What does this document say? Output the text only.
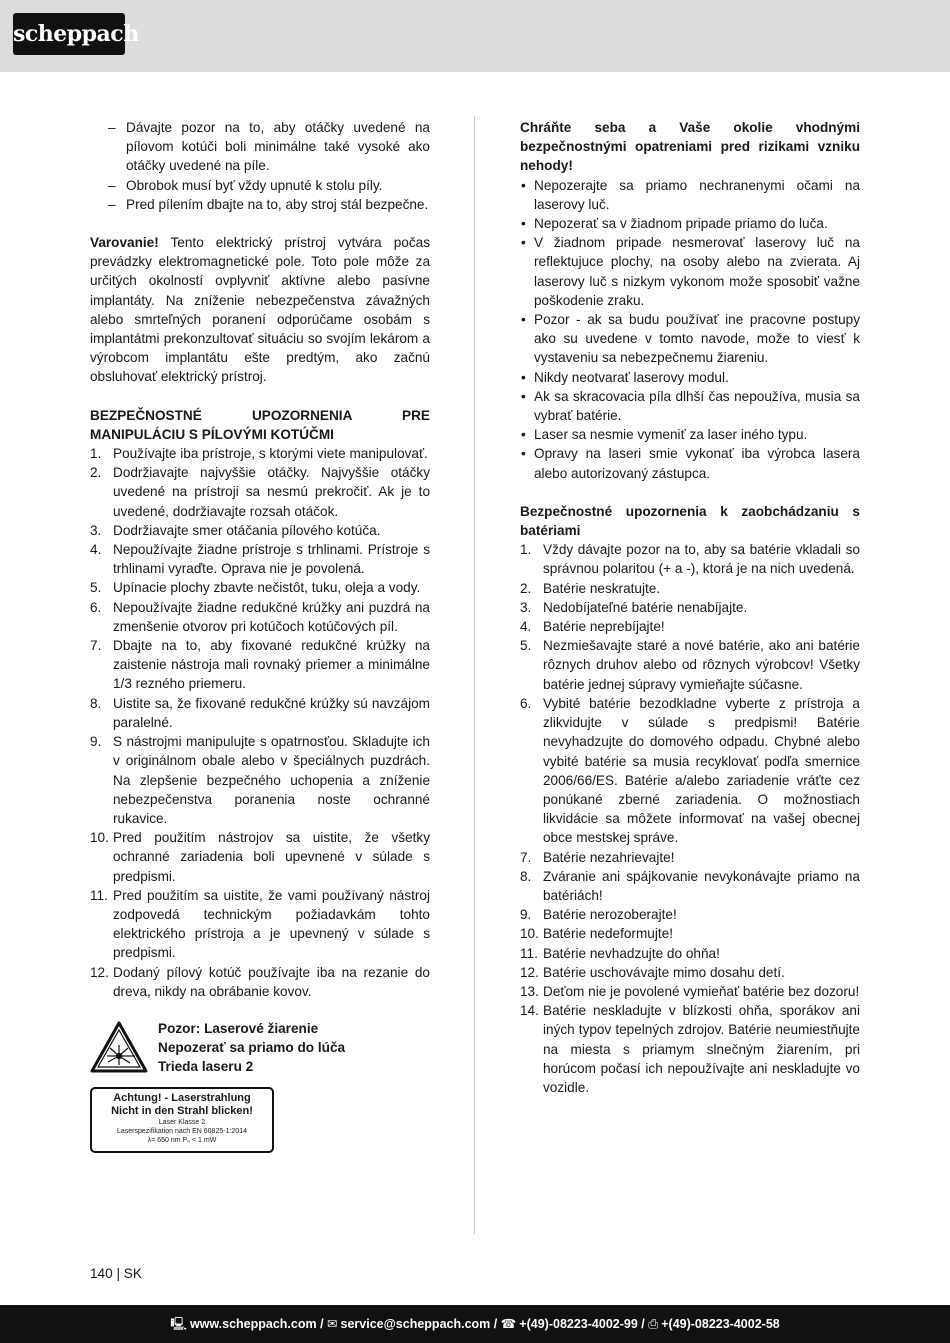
scheppach
– Dávajte pozor na to, aby otáčky uvedené na pílovom kotúči boli minimálne také vysoké ako otáčky uvedené na píle.
– Obrobok musí byť vždy upnuté k stolu píly.
– Pred pílením dbajte na to, aby stroj stál bezpečne.

Varovanie! Tento elektrický prístroj vytvára počas prevádzky elektromagnetické pole. Toto pole môže za určitých okolností ovplyvniť aktívne alebo pasívne implantáty. Na zníženie nebezpečenstva závažných alebo smrteľných poranení odporúčame osobám s implantátmi prekonzultovať situáciu so svojím lekárom a výrobcom implantátu ešte predtým, ako začnú obsluhovať elektrický prístroj.

BEZPEČNOSTNÉ UPOZORNENIA PRE MANIPULÁCIU S PÍLOVÝMI KOTÚČMI
1. Používajte iba prístroje, s ktorými viete manipulovať.
2. Dodržiavajte najvyššie otáčky. Najvyššie otáčky uvedené na prístroji sa nesmú prekročiť. Ak je to uvedené, dodržiavajte rozsah otáčok.
3. Dodržiavajte smer otáčania pílového kotúča.
4. Nepoužívajte žiadne prístroje s trhlinami. Prístroje s trhlinami vyraďte. Oprava nie je povolená.
5. Upínacie plochy zbavte nečistôt, tuku, oleja a vody.
6. Nepoužívajte žiadne redukčné krúžky ani puzdrá na zmenšenie otvorov pri kotúčoch kotúčových píl.
7. Dbajte na to, aby fixované redukčné krúžky na zaistenie nástroja mali rovnaký priemer a minimálne 1/3 rezného priemeru.
8. Uistite sa, že fixované redukčné krúžky sú navzájom paralelné.
9. S nástrojmi manipulujte s opatrnosťou. Skladujte ich v originálnom obale alebo v špeciálnych puzdrách. Na zlepšenie bezpečného uchopenia a zníženie nebezpečenstva poranenia noste ochranné rukavice.
10. Pred použitím nástrojov sa uistite, že všetky ochranné zariadenia boli upevnené v súlade s predpismi.
11. Pred použitím sa uistite, že vami používaný nástroj zodpovedá technickým požiadavkám tohto elektrického prístroja a je upevnený v súlade s predpismi.
12. Dodaný pílový kotúč používajte iba na rezanie do dreva, nikdy na obrábanie kovov.
Pozor: Laserové žiarenie
Nepozerať sa priamo do lúča
Trieda laseru 2
Achtung! - Laserstrahlung
Nicht in den Strahl blicken!
Laser Klasse 2
Laserspezifikation nach EN 60825-1:2014
λ= 650 nm P₀ < 1 mW
Chráňte seba a Vaše okolie vhodnými bezpečnostnými opatreniami pred rizikami vzniku nehody!
• Nepozerajte sa priamo nechranenymi očami na laserovy luč.
• Nepozerať sa v žiadnom pripade priamo do luča.
• V žiadnom pripade nesmerovať laserovy luč na reflektujuce plochy, na osoby alebo na zvierata. Aj laserovy luč s nizkym vykonom može sposobiť važne poškodenie zraku.
• Pozor - ak sa budu používať ine pracovne postupy ako su uvedene v tomto navode, može to viesť k vystaveniu sa nebezpečnemu žiareniu.
• Nikdy neotvarať laserovy modul.
• Ak sa skracovacia píla dlhší čas nepoužíva, musia sa vybrať batérie.
• Laser sa nesmie vymeniť za laser iného typu.
• Opravy na laseri smie vykonať iba výrobca lasera alebo autorizovaný zástupca.
Bezpečnostné upozornenia k zaobchádzaniu s batériami
1. Vždy dávajte pozor na to, aby sa batérie vkladali so správnou polaritou (+ a -), ktorá je na nich uvedená.
2. Batérie neskratujte.
3. Nedobíjateľné batérie nenabíjajte.
4. Batérie neprebíjajte!
5. Nezmiešavajte staré a nové batérie, ako ani batérie rôznych druhov alebo od rôznych výrobcov! Všetky batérie jednej súpravy vymieňajte súčasne.
6. Vybité batérie bezodkladne vyberte z prístroja a zlikvidujte v súlade s predpismi! Batérie nevyhadzujte do domového odpadu. Chybné alebo vybité batérie sa musia recyklovať podľa smernice 2006/66/ES. Batérie a/alebo zariadenie vráťte cez ponúkané zberné zariadenia. O možnostiach likvidácie sa môžete informovať na vašej obecnej obce mestskej správe.
7. Batérie nezahrievajte!
8. Zváranie ani spájkovanie nevykonávajte priamo na batériách!
9. Batérie nerozoberajte!
10. Batérie nedeformujte!
11. Batérie nevhadzujte do ohňa!
12. Batérie uschovávajte mimo dosahu detí.
13. Deťom nie je povolené vymieňať batérie bez dozoru!
14. Batérie neskladujte v blízkosti ohňa, sporákov ani iných typov tepelných zdrojov. Batérie neumiestňujte na miesta s priamym slnečným žiarením, pri horúcom počasí ich nepoužívajte ani neskladujte vo vozidle.
140 | SK
🖳 www.scheppach.com / ✉ service@scheppach.com / ☎ +(49)-08223-4002-99 / ⎙ +(49)-08223-4002-58
